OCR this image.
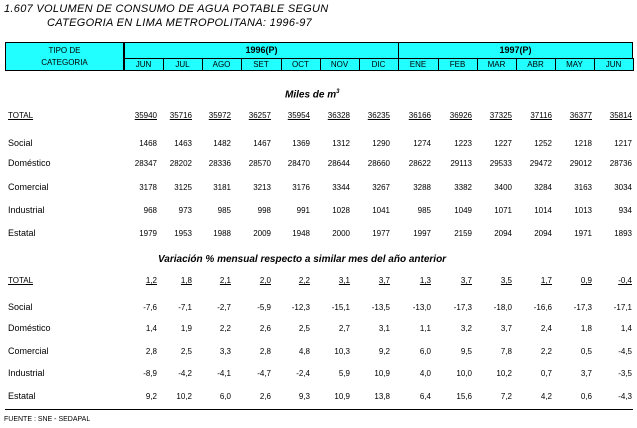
1.607 VOLUMEN DE CONSUMO DE AGUA POTABLE SEGUN
CATEGORIA EN LIMA METROPOLITANA: 1996-97
FUENTE : SNE - SEDAPAL
TIPO DE
CATEGORIA
1996(P)	1997(P)
JUN	JUL	AGO	SET	OCT	NOV	DIC	ENE	FEB	MAR	ABR	MAY	JUN
Miles de $m^3$
TOTAL	35940	35716	35972	36257	35954	36328	36235	36166	36926	37325	37116	36377	35814
Social	1468	1463	1482	1467	1369	1312	1290	1274	1223	1227	1252	1218	1217
Doméstico	28347	28202	28336	28570	28470	28644	28660	28622	29113	29533	29472	29012	28736
Comercial	3178	3125	3181	3213	3176	3344	3267	3288	3382	3400	3284	3163	3034
Industrial	968	973	985	998	991	1028	1041	985	1049	1071	1014	1013	934
Estatal	1979	1953	1988	2009	1948	2000	1977	1997	2159	2094	2094	1971	1893
Variación % mensual respecto a similar mes del año anterior
TOTAL	1,2	1,8	2,1	2,0	2,2	3,1	3,7	1,3	3,7	3,5	1,7	0,9	-0,4
Social	-7,6	-7,1	-2,7	-5,9	-12,3	-15,1	-13,5	-13,0	-17,3	-18,0	-16,6	-17,3	-17,1
Doméstico	1,4	1,9	2,2	2,6	2,5	2,7	3,1	1,1	3,2	3,7	2,4	1,8	1,4
Comercial	2,8	2,5	3,3	2,8	4,8	10,3	9,2	6,0	9,5	7,8	2,2	0,5	-4,5
Industrial	-8,9	-4,2	-4,1	-4,7	-2,4	5,9	10,9	4,0	10,0	10,2	0,7	3,7	-3,5
Estatal	9,2	10,2	6,0	2,6	9,3	10,9	13,8	6,4	15,6	7,2	4,2	0,6	-4,3
